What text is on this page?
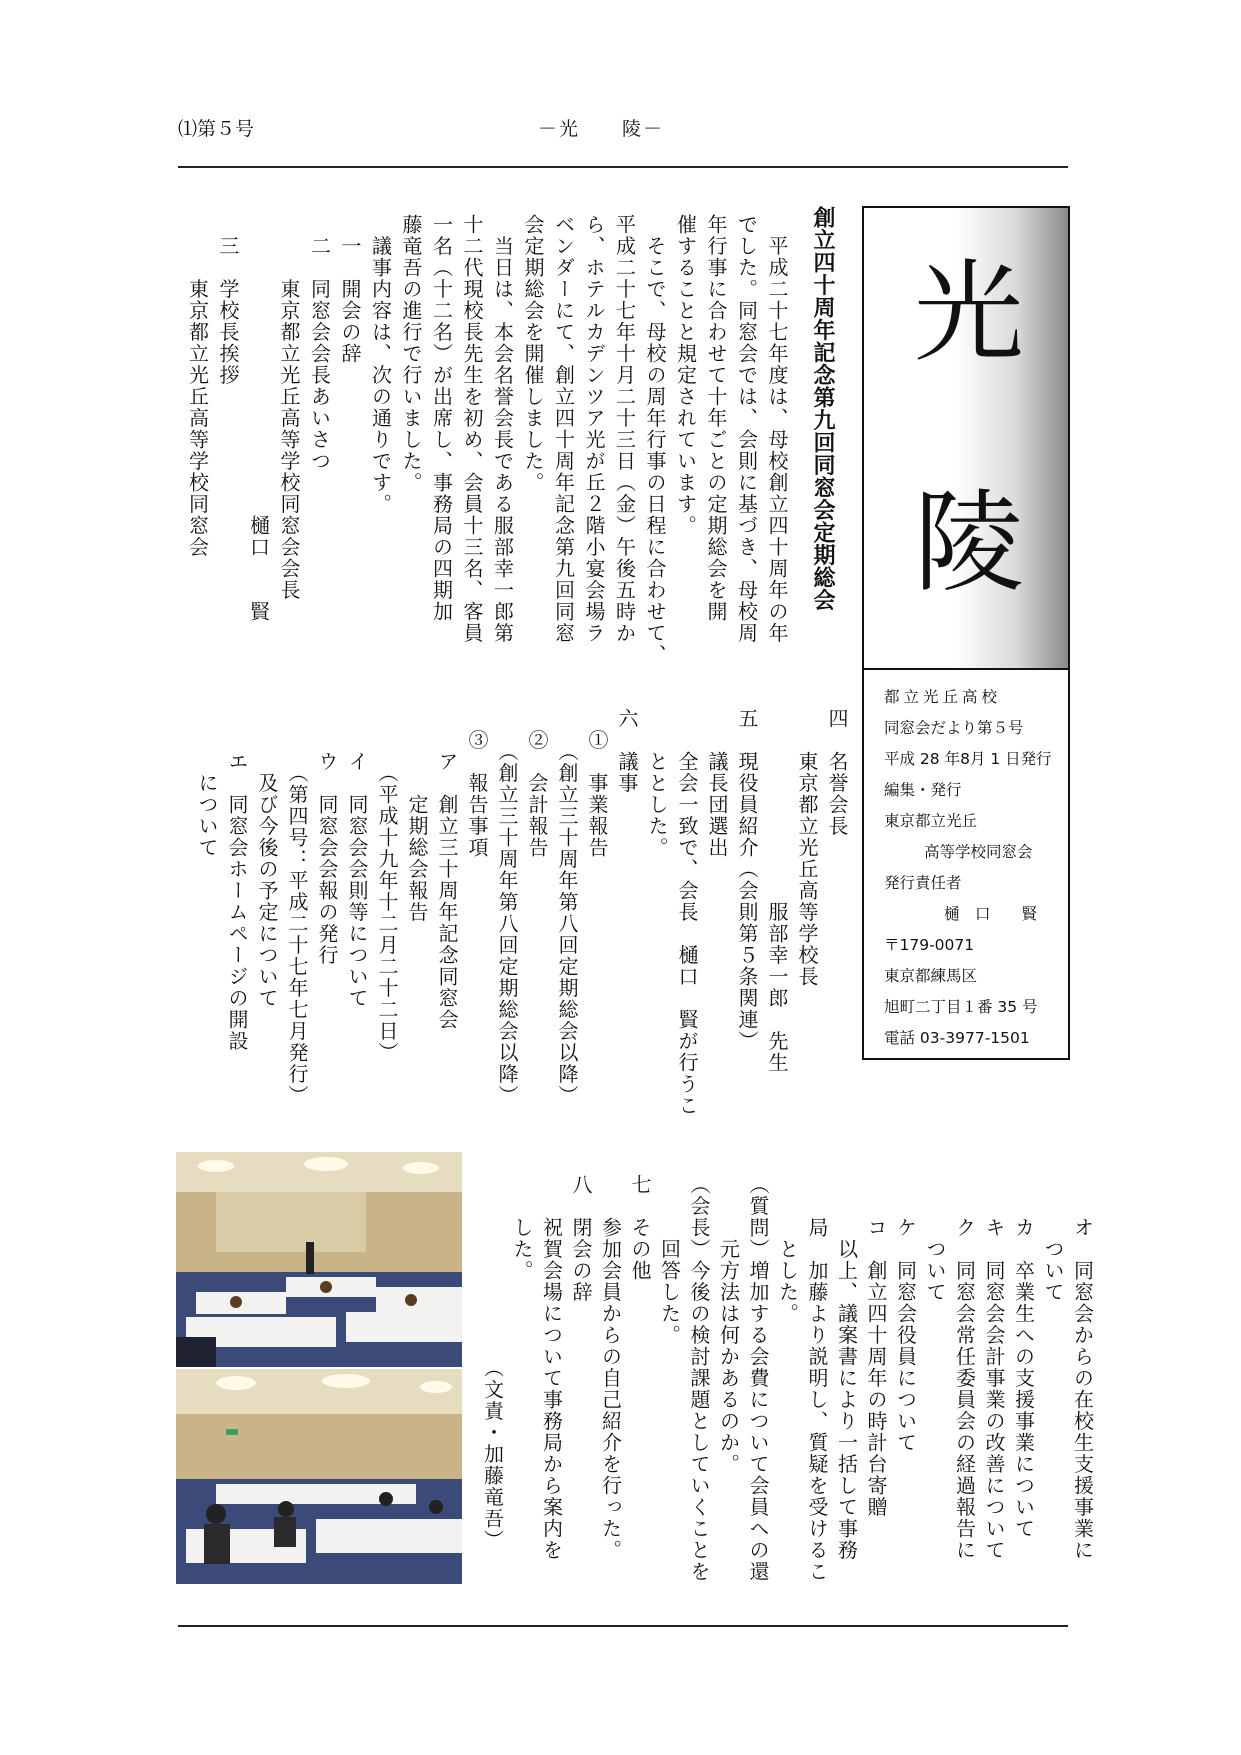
⑴第５号	－光　　陵－
光
陵
都立光丘高校
同窓会だより第５号
平成 28 年8月 1 日発行
編集・発行
東京都立光丘
高等学校同窓会
発行責任者
樋　口　　賢
〒179-0071
東京都練馬区
旭町二丁目１番 35 号
電話 03-3977-1501
創立四十周年記念第九回同窓会定期総会
　平成二十七年度は、母校創立四十周年の年
でした。同窓会では、会則に基づき、母校周
年行事に合わせて十年ごとの定期総会を開
催することと規定されています。
　そこで、母校の周年行事の日程に合わせて、
平成二十七年十月二十三日（金）午後五時か
ら、ホテルカデンツア光が丘２階小宴会場ラ
ベンダーにて、創立四十周年記念第九回同窓
会定期総会を開催しました。
　当日は、本会名誉会長である服部幸一郎第
十二代現校長先生を初め、会員十三名、客員
一名（十二名）が出席し、事務局の四期加
藤竜吾の進行で行いました。
　議事内容は、次の通りです。
　一　開会の辞
　二　同窓会会長あいさつ
　　　東京都立光丘高等学校同窓会会長
　　　　　　　　　　　　　　樋口　　賢
　三　学校長挨拶
　　　東京都立光丘高等学校同窓会
四　名誉会長
　　東京都立光丘高等学校長
　　　　　　　　　服部幸一郎　先生
五　現役員紹介（会則第５条関連）
　　議長団選出
　　全会一致で、会長　樋口　賢が行うこ
　　ととした。
六　議事
　①　事業報告
　　（創立三十周年第八回定期総会以降）
　②　会計報告
　　（創立三十周年第八回定期総会以降）
　③　報告事項
　　ア　創立三十周年記念同窓会
　　　　定期総会報告
　　　（平成十九年十二月二十二日）
　　イ　同窓会会則等について
　　ウ　同窓会会報の発行
　　　（第四号：平成二十七年七月発行）
　　　及び今後の予定について
　　エ　同窓会ホームページの開設
　　　について
　　オ　同窓会からの在校生支援事業に
　　　ついて
　　カ　卒業生への支援事業について
　　キ　同窓会会計事業の改善について
　　ク　同窓会常任委員会の経過報告に
　　　ついて
　　ケ　同窓会役員について
　　コ　創立四十周年の時計台寄贈
　　　以上、議案書により一括して事務
　　局　加藤より説明し、質疑を受けるこ
　　　とした。
（質問）増加する会費について会員への還
　　　元方法は何かあるのか。
（会長）今後の検討課題としていくことを
　　　回答した。
七　その他
　　参加会員からの自己紹介を行った。
八　閉会の辞
　　祝賀会場について事務局から案内を
　　した。
　　　　　　　　　（文責・加藤竜吾）
